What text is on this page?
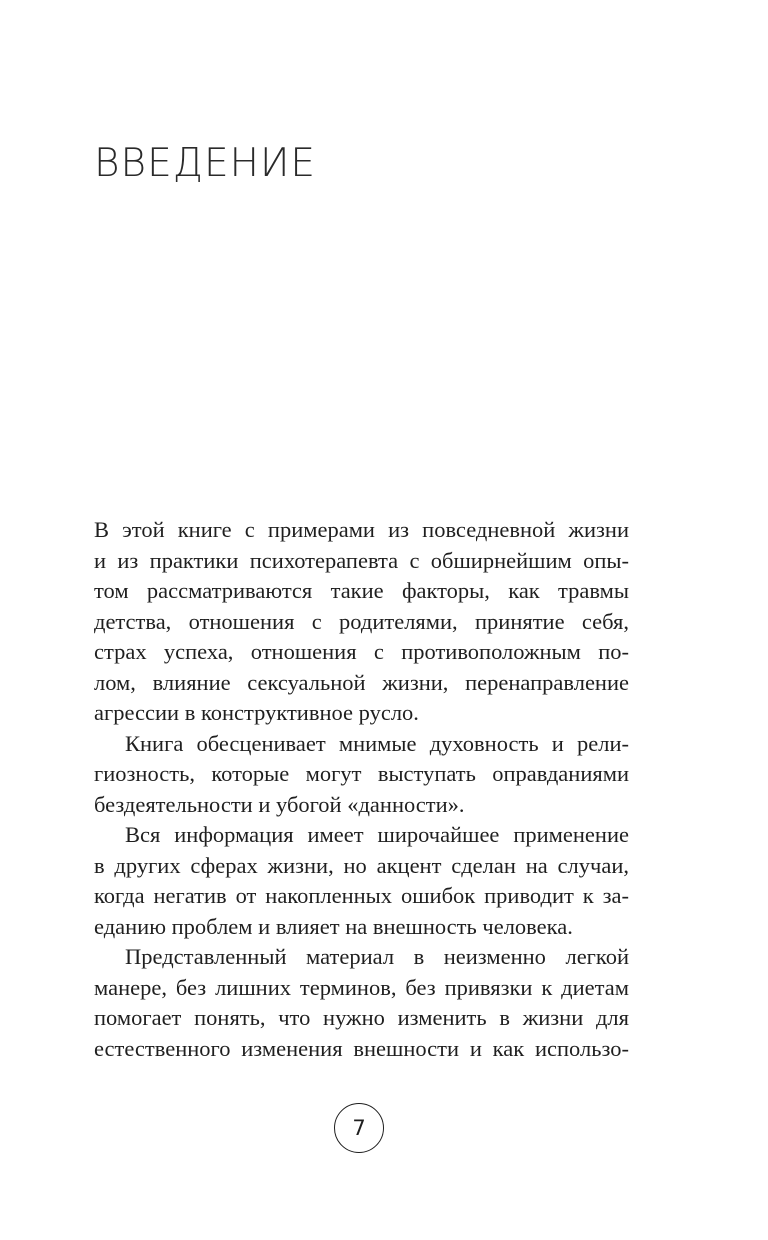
ВВЕДЕНИЕ

В этой книге с примерами из повседневной жизни
и из практики психотерапевта с обширнейшим опы-
том рассматриваются такие факторы, как травмы
детства, отношения с родителями, принятие себя,
страх успеха, отношения с противоположным по-
лом, влияние сексуальной жизни, перенаправление
агрессии в конструктивное русло.

Книга обесценивает мнимые духовность и рели-
гиозность, которые могут выступать оправданиями
бездеятельности и убогой «данности».

Вся информация имеет широчайшее применение
в других сферах жизни, но акцент сделан на случаи,
когда негатив от накопленных ошибок приводит к за-
еданию проблем и влияет на внешность человека.

Представленный материал в неизменно легкой
манере, без лишних терминов, без привязки к диетам
помогает понять, что нужно изменить в жизни для
естественного изменения внешности и как использо-

7
